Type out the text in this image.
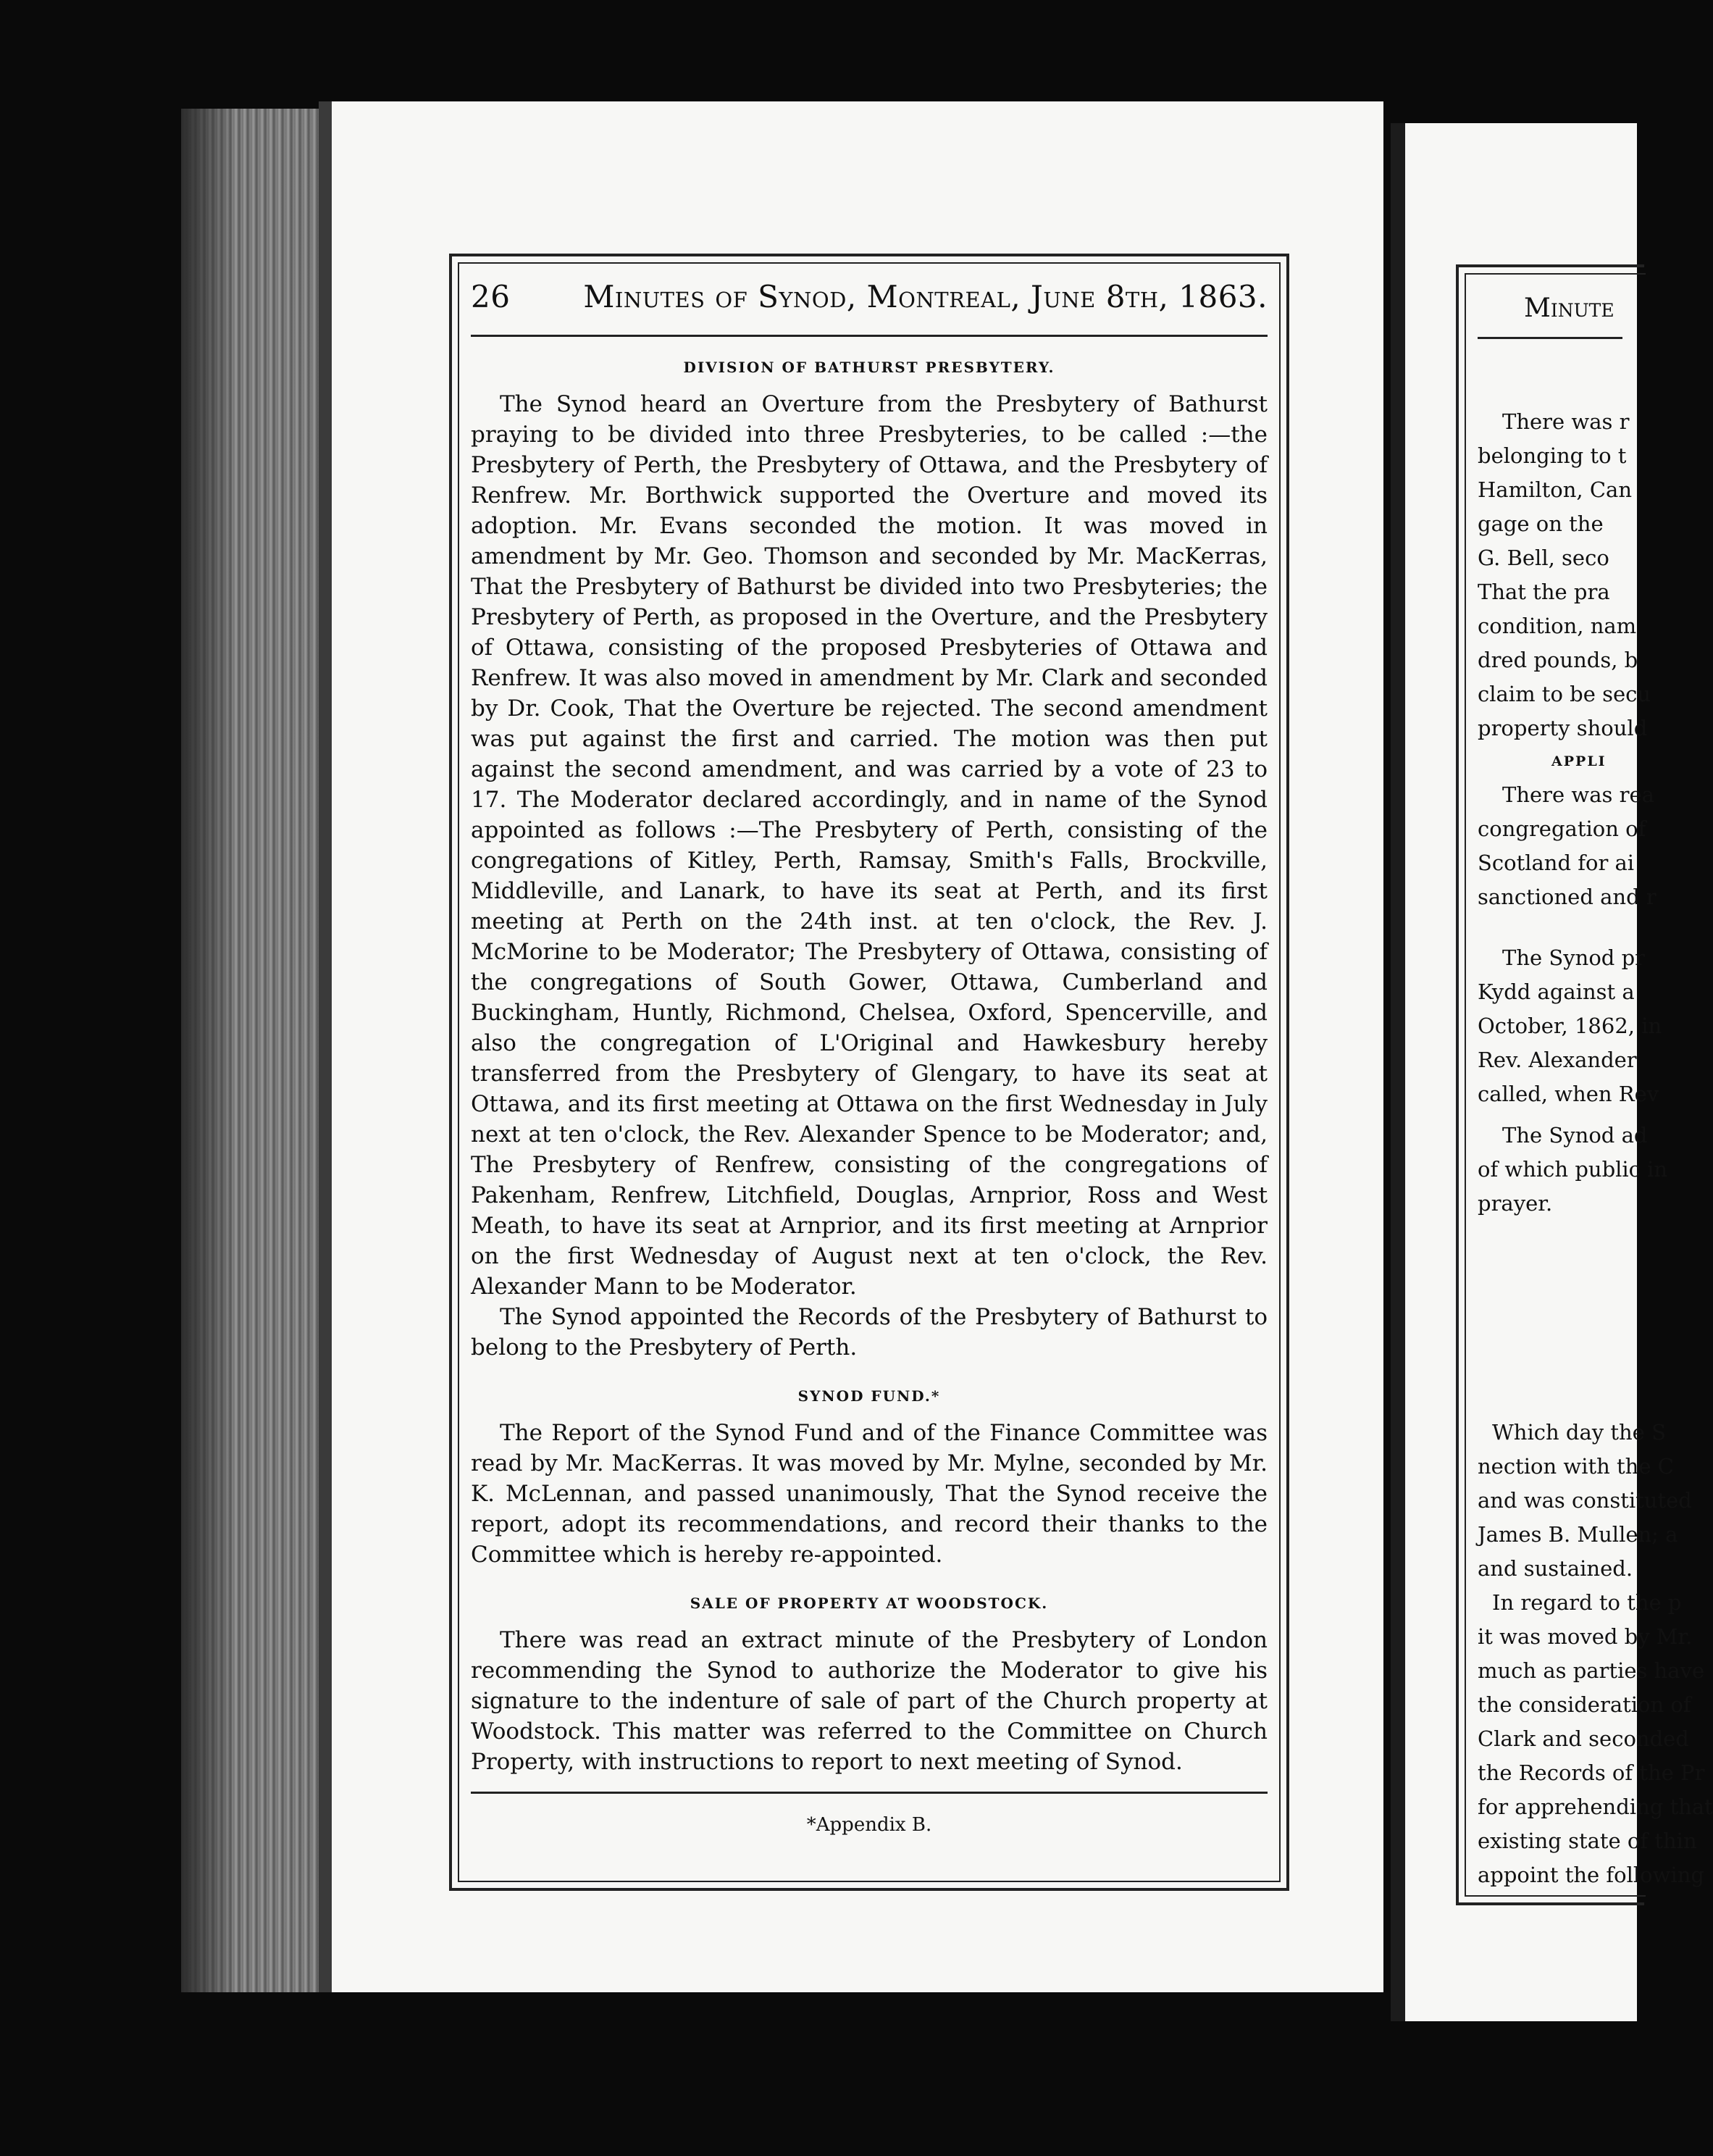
26 Minutes of Synod, Montreal, June 8th, 1863.
DIVISION OF BATHURST PRESBYTERY.

The Synod heard an Overture from the Presbytery of Bathurst praying to be divided into three Presbyteries, to be called :—the Presbytery of Perth, the Presbytery of Ottawa, and the Presbytery of Renfrew. Mr. Borthwick supported the Overture and moved its adoption. Mr. Evans seconded the motion. It was moved in amendment by Mr. Geo. Thomson and seconded by Mr. MacKerras, That the Presbytery of Bathurst be divided into two Presbyteries; the Presbytery of Perth, as proposed in the Overture, and the Presbytery of Ottawa, consisting of the proposed Presbyteries of Ottawa and Renfrew. It was also moved in amendment by Mr. Clark and seconded by Dr. Cook, That the Overture be rejected. The second amendment was put against the first and carried. The motion was then put against the second amendment, and was carried by a vote of 23 to 17. The Moderator declared accordingly, and in name of the Synod appointed as follows :—The Presbytery of Perth, consisting of the congregations of Kitley, Perth, Ramsay, Smith's Falls, Brockville, Middleville, and Lanark, to have its seat at Perth, and its first meeting at Perth on the 24th inst. at ten o'clock, the Rev. J. McMorine to be Moderator; The Presbytery of Ottawa, consisting of the congregations of South Gower, Ottawa, Cumberland and Buckingham, Huntly, Richmond, Chelsea, Oxford, Spencerville, and also the congregation of L'Original and Hawkesbury hereby transferred from the Presbytery of Glengary, to have its seat at Ottawa, and its first meeting at Ottawa on the first Wednesday in July next at ten o'clock, the Rev. Alexander Spence to be Moderator; and, The Presbytery of Renfrew, consisting of the congregations of Pakenham, Renfrew, Litchfield, Douglas, Arnprior, Ross and West Meath, to have its seat at Arnprior, and its first meeting at Arnprior on the first Wednesday of August next at ten o'clock, the Rev. Alexander Mann to be Moderator.

The Synod appointed the Records of the Presbytery of Bathurst to belong to the Presbytery of Perth.

SYNOD FUND.*

The Report of the Synod Fund and of the Finance Committee was read by Mr. MacKerras. It was moved by Mr. Mylne, seconded by Mr. K. McLennan, and passed unanimously, That the Synod receive the report, adopt its recommendations, and record their thanks to the Committee which is hereby re-appointed.

SALE OF PROPERTY AT WOODSTOCK.

There was read an extract minute of the Presbytery of London recommending the Synod to authorize the Moderator to give his signature to the indenture of sale of part of the Church property at Woodstock. This matter was referred to the Committee on Church Property, with instructions to report to next meeting of Synod.

*Appendix B.
Minute
There was r
belonging to t
Hamilton, Can
gage on the
G. Bell, seco
That the pra
condition, nam
dred pounds, b
claim to be secu
property should
APPLI
There was rea
congregation of
Scotland for ai
sanctioned and r
The Synod pr
Kydd against a
October, 1862, in
Rev. Alexander
called, when Rev
The Synod ad
of which public in
prayer.
Which day the S
nection with the C
and was constituted
James B. Mullen; a
and sustained.
In regard to the p
it was moved by Mr.
much as parties have
the consideration of
Clark and seconded
the Records of the Pr
for apprehending that
existing state of thin
appoint the following
